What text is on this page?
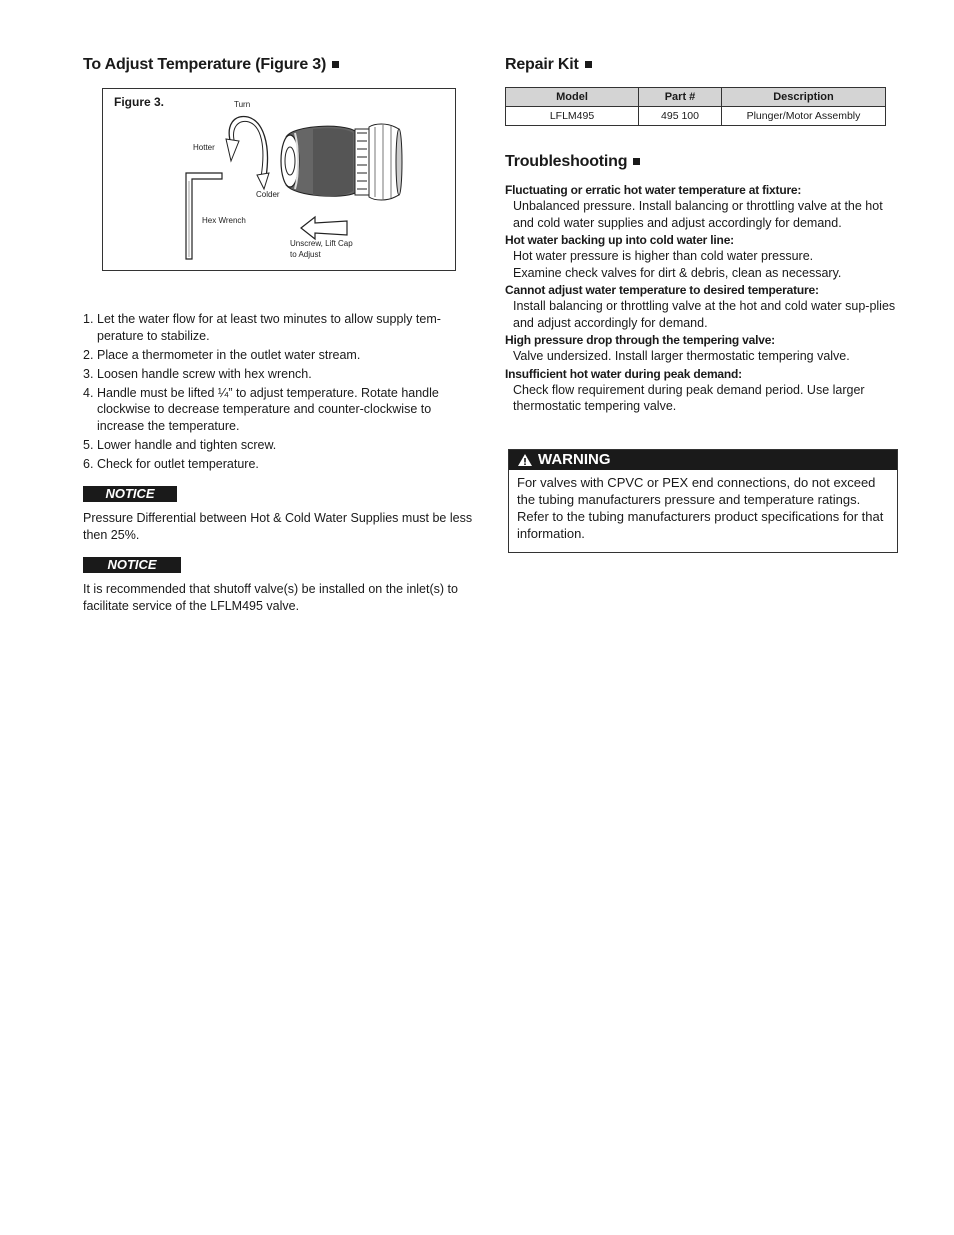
To Adjust Temperature (Figure 3)
Figure 3.	Turn
Hotter
Colder
Hex Wrench
Unscrew, Lift Cap
to Adjust
1. Let the water flow for at least two minutes to allow supply tem-perature to stabilize.
2. Place a thermometer in the outlet water stream.
3. Loosen handle screw with hex wrench.
4. Handle must be lifted ¼” to adjust temperature. Rotate handle clockwise to decrease temperature and counter-clockwise to increase the temperature.
5. Lower handle and tighten screw.
6. Check for outlet temperature.
NOTICE
Pressure Differential between Hot & Cold Water Supplies must be less then 25%.
NOTICE
It is recommended that shutoff valve(s) be installed on the inlet(s) to facilitate service of the LFLM495 valve.
Repair Kit
Model	Part #	Description
LFLM495	495 100	Plunger/Motor Assembly
Troubleshooting
Fluctuating or erratic hot water temperature at fixture:
Unbalanced pressure. Install balancing or throttling valve at the hot and cold water supplies and adjust accordingly for demand.
Hot water backing up into cold water line:
Hot water pressure is higher than cold water pressure.
Examine check valves for dirt & debris, clean as necessary.
Cannot adjust water temperature to desired temperature:
Install balancing or throttling valve at the hot and cold water sup-plies and adjust accordingly for demand.
High pressure drop through the tempering valve:
Valve undersized. Install larger thermostatic tempering valve.
Insufficient hot water during peak demand:
Check flow requirement during peak demand period. Use larger thermostatic tempering valve.
WARNING
For valves with CPVC or PEX end connections, do not exceed the tubing manufacturers pressure and temperature ratings. Refer to the tubing manufacturers product specifications for that information.
